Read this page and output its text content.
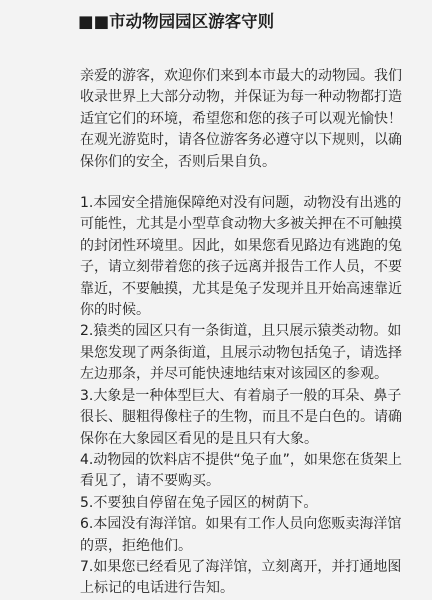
■■市动物园园区游客守则

亲爱的游客，欢迎你们来到本市最大的动物园。我们收录世界上大部分动物，并保证为每一种动物都打造适宜它们的环境，希望您和您的孩子可以观光愉快！在观光游览时，请各位游客务必遵守以下规则，以确保你们的安全，否则后果自负。

1.本园安全措施保障绝对没有问题，动物没有出逃的可能性，尤其是小型草食动物大多被关押在不可触摸的封闭性环境里。因此，如果您看见路边有逃跑的兔子，请立刻带着您的孩子远离并报告工作人员，不要靠近，不要触摸，尤其是兔子发现并且开始高速靠近你的时候。

2.猿类的园区只有一条街道，且只展示猿类动物。如果您发现了两条街道，且展示动物包括兔子，请选择左边那条，并尽可能快速地结束对该园区的参观。

3.大象是一种体型巨大、有着扇子一般的耳朵、鼻子很长、腿粗得像柱子的生物，而且不是白色的。请确保你在大象园区看见的是且只有大象。

4.动物园的饮料店不提供“兔子血”，如果您在货架上看见了，请不要购买。

5.不要独自停留在兔子园区的树荫下。

6.本园没有海洋馆。如果有工作人员向您贩卖海洋馆的票，拒绝他们。

7.如果您已经看见了海洋馆，立刻离开，并打通地图上标记的电话进行告知。
